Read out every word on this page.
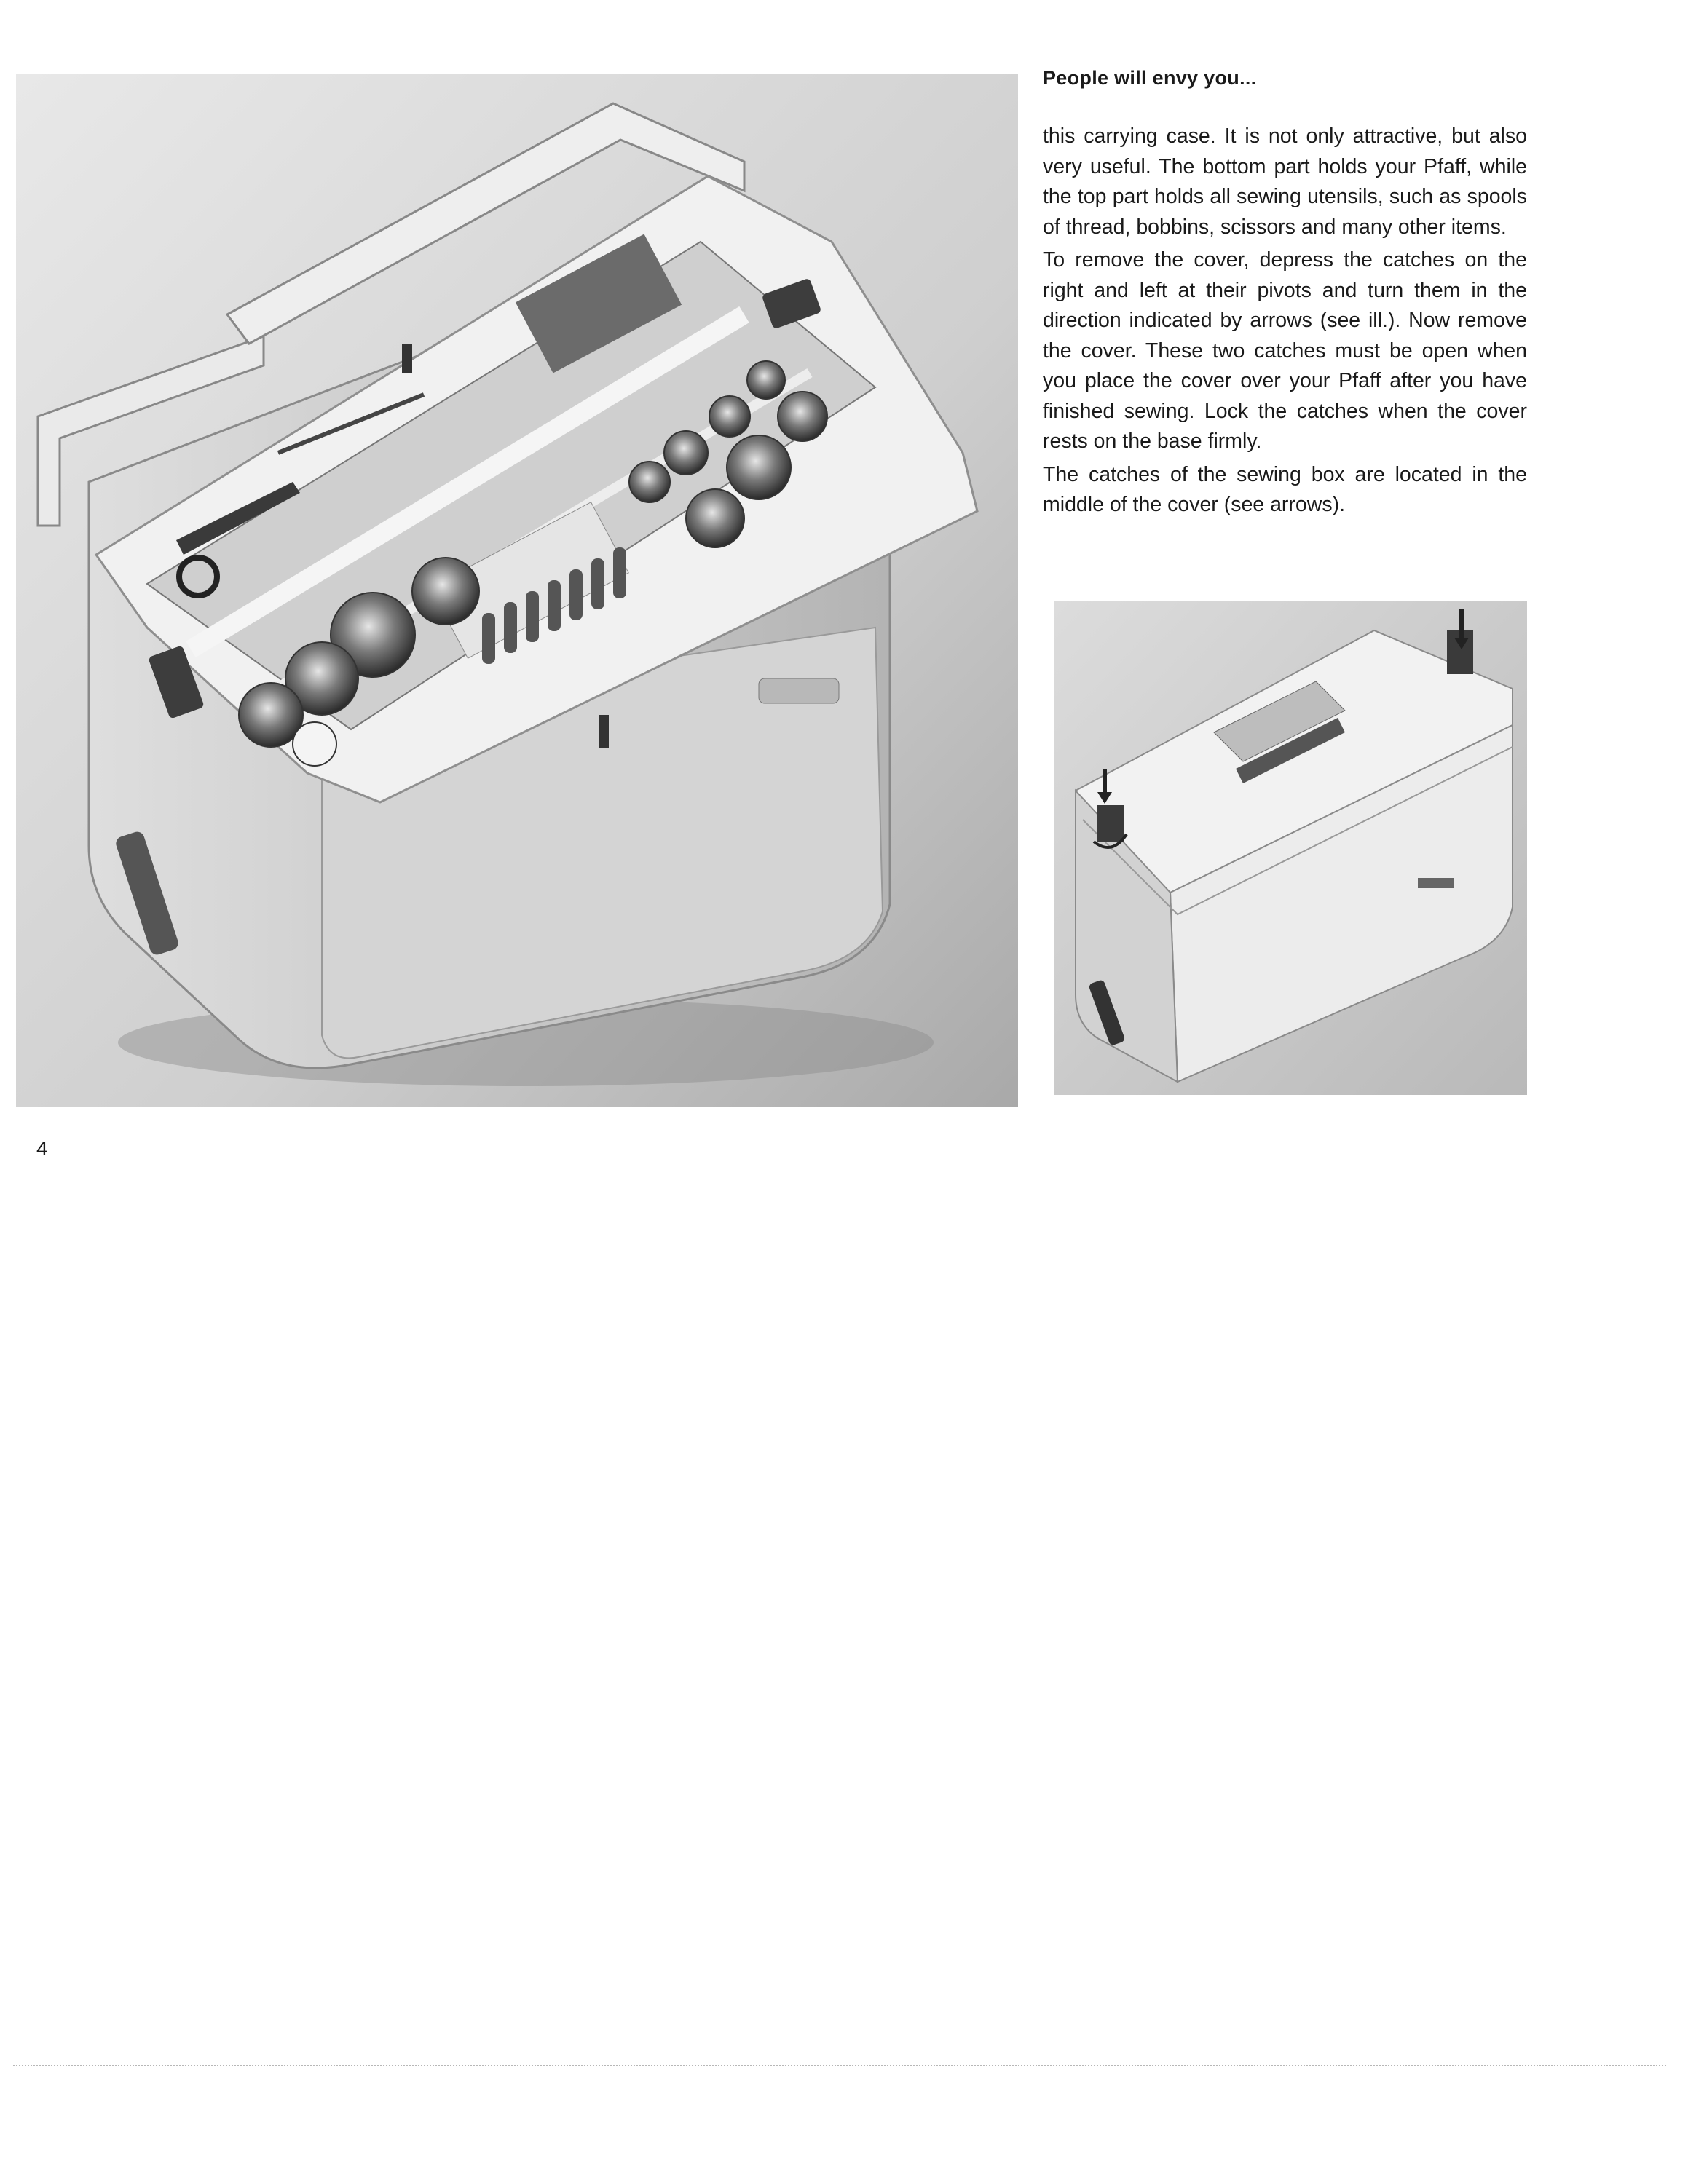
People will envy you...

this carrying case. It is not only attractive, but also very useful. The bottom part holds your Pfaff, while the top part holds all sewing utensils, such as spools of thread, bobbins, scissors and many other items.

To remove the cover, depress the catches on the right and left at their pivots and turn them in the direction indicated by arrows (see ill.). Now remove the cover. These two catches must be open when you place the cover over your Pfaff after you have finished sewing. Lock the catches when the cover rests on the base firmly.

The catches of the sewing box are located in the middle of the cover (see arrows).

4
